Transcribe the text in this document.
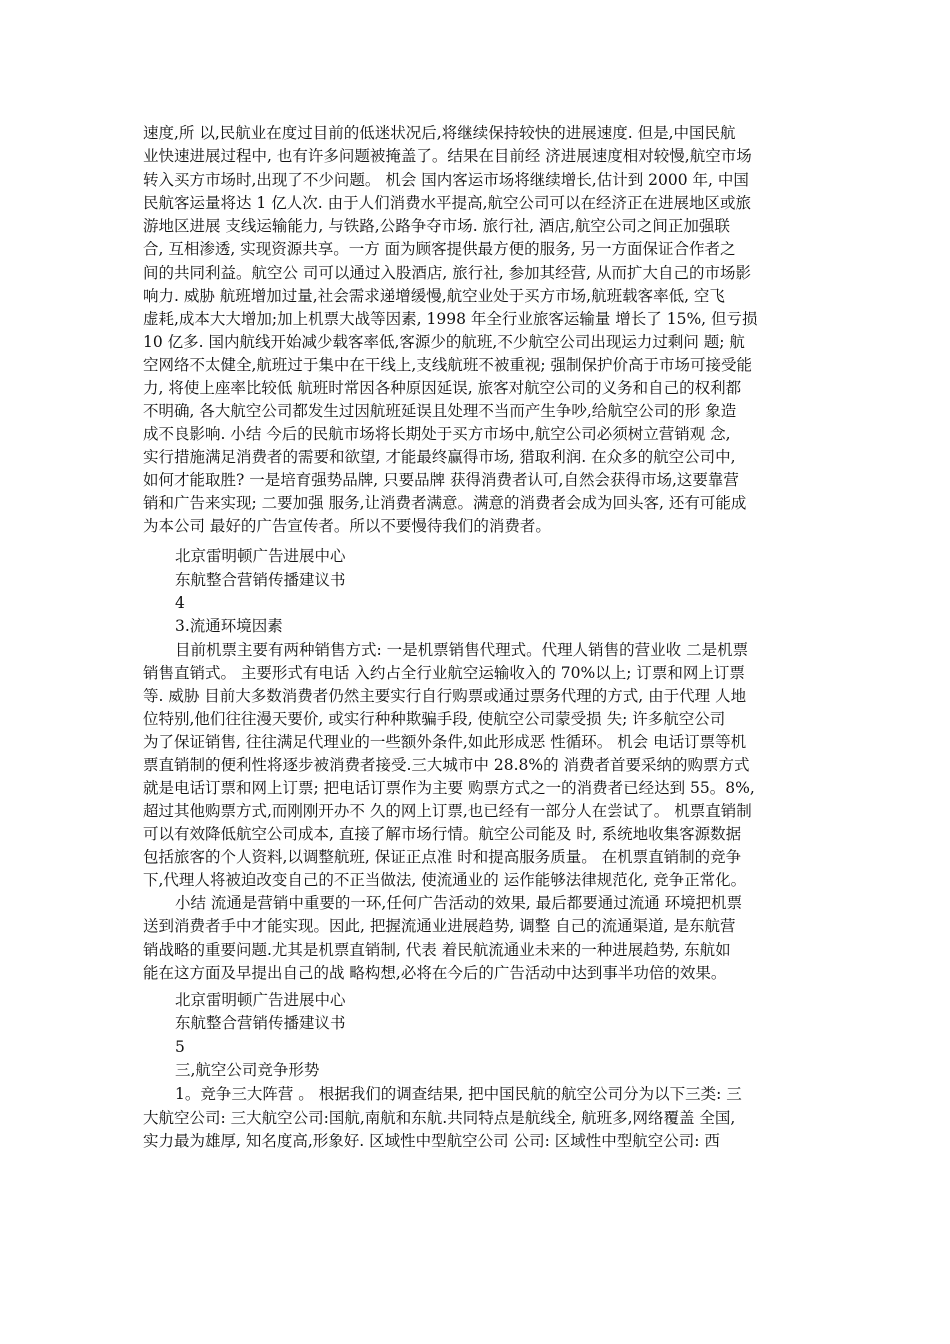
速度,所 以,民航业在度过目前的低迷状况后,将继续保持较快的进展速度. 但是,中国民航
业快速进展过程中, 也有许多问题被掩盖了。结果在目前经 济进展速度相对较慢,航空市场
转入买方市场时,出现了不少问题。 机会 国内客运市场将继续增长,估计到 2000 年, 中国
民航客运量将达 1 亿人次. 由于人们消费水平提高,航空公司可以在经济正在进展地区或旅
游地区进展 支线运输能力, 与铁路,公路争夺市场. 旅行社, 酒店,航空公司之间正加强联
合, 互相渗透, 实现资源共享。一方 面为顾客提供最方便的服务, 另一方面保证合作者之
间的共同利益。航空公 司可以通过入股酒店, 旅行社, 参加其经营, 从而扩大自己的市场影
响力. 威胁 航班增加过量,社会需求递增缓慢,航空业处于买方市场,航班载客率低, 空飞
虚耗,成本大大增加;加上机票大战等因素, 1998 年全行业旅客运输量 增长了 15%, 但亏损
10 亿多. 国内航线开始减少载客率低,客源少的航班,不少航空公司出现运力过剩问 题; 航
空网络不太健全,航班过于集中在干线上,支线航班不被重视; 强制保护价高于市场可接受能
力, 将使上座率比较低 航班时常因各种原因延误, 旅客对航空公司的义务和自己的权利都
不明确, 各大航空公司都发生过因航班延误且处理不当而产生争吵,给航空公司的形 象造
成不良影响. 小结 今后的民航市场将长期处于买方市场中,航空公司必须树立营销观 念,
实行措施满足消费者的需要和欲望, 才能最终赢得市场, 猎取利润. 在众多的航空公司中,
如何才能取胜? 一是培育强势品牌, 只要品牌 获得消费者认可,自然会获得市场,这要靠营
销和广告来实现; 二要加强 服务,让消费者满意。满意的消费者会成为回头客, 还有可能成
为本公司 最好的广告宣传者。所以不要慢待我们的消费者。
北京雷明顿广告进展中心
东航整合营销传播建议书
4
3.流通环境因素
目前机票主要有两种销售方式: 一是机票销售代理式。代理人销售的营业收 二是机票
销售直销式。 主要形式有电话 入约占全行业航空运输收入的 70%以上; 订票和网上订票
等. 威胁 目前大多数消费者仍然主要实行自行购票或通过票务代理的方式, 由于代理 人地
位特别,他们往往漫天要价, 或实行种种欺骗手段, 使航空公司蒙受损 失; 许多航空公司
为了保证销售, 往往满足代理业的一些额外条件,如此形成恶 性循环。 机会 电话订票等机
票直销制的便利性将逐步被消费者接受.三大城市中 28.8%的 消费者首要采纳的购票方式
就是电话订票和网上订票; 把电话订票作为主要 购票方式之一的消费者已经达到 55。8%,
超过其他购票方式,而刚刚开办不 久的网上订票,也已经有一部分人在尝试了。 机票直销制
可以有效降低航空公司成本, 直接了解市场行情。航空公司能及 时, 系统地收集客源数据
包括旅客的个人资料,以调整航班, 保证正点准 时和提高服务质量。 在机票直销制的竞争
下,代理人将被迫改变自己的不正当做法, 使流通业的 运作能够法律规范化, 竞争正常化。
小结 流通是营销中重要的一环,任何广告活动的效果, 最后都要通过流通 环境把机票
送到消费者手中才能实现。因此, 把握流通业进展趋势, 调整 自己的流通渠道, 是东航营
销战略的重要问题.尤其是机票直销制, 代表 着民航流通业未来的一种进展趋势, 东航如
能在这方面及早提出自己的战 略构想,必将在今后的广告活动中达到事半功倍的效果。
北京雷明顿广告进展中心
东航整合营销传播建议书
5
三,航空公司竞争形势
1。竞争三大阵营 。 根据我们的调查结果, 把中国民航的航空公司分为以下三类: 三
大航空公司: 三大航空公司:国航,南航和东航.共同特点是航线全, 航班多,网络覆盖 全国,
实力最为雄厚, 知名度高,形象好. 区域性中型航空公司 公司: 区域性中型航空公司: 西
